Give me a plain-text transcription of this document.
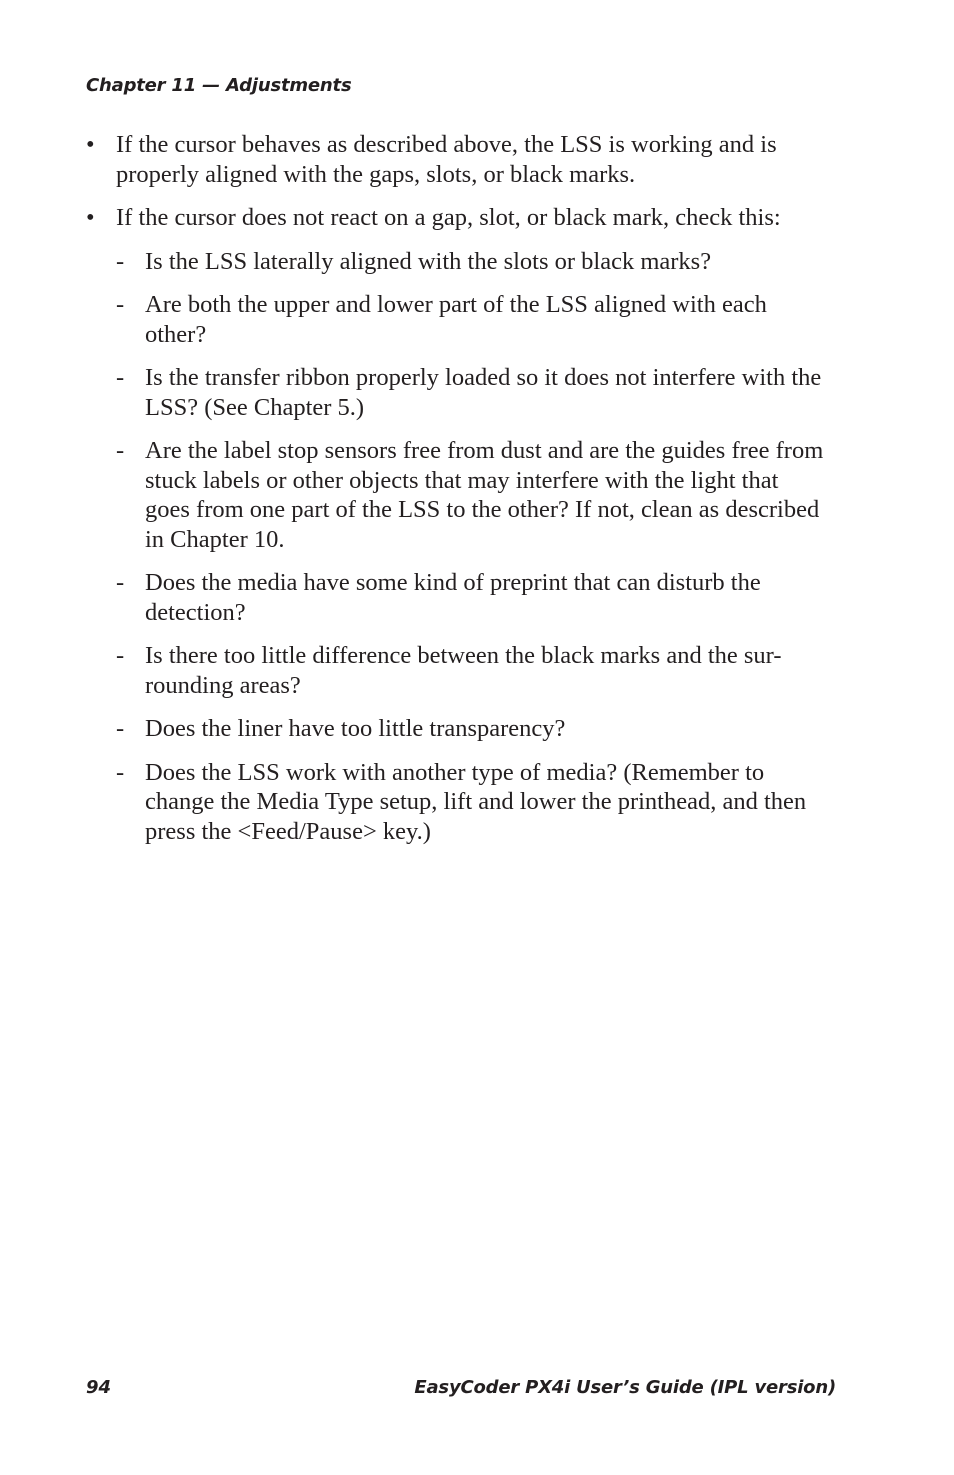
Chapter 11 — Adjustments
• If the cursor behaves as described above, the LSS is working and is properly aligned with the gaps, slots, or black marks.
• If the cursor does not react on a gap, slot, or black mark, check this:
- Is the LSS laterally aligned with the slots or black marks?
- Are both the upper and lower part of the LSS aligned with each other?
- Is the transfer ribbon properly loaded so it does not interfere with the LSS? (See Chapter 5.)
- Are the label stop sensors free from dust and are the guides free from stuck labels or other objects that may interfere with the light that goes from one part of the LSS to the other? If not, clean as described in Chapter 10.
- Does the media have some kind of preprint that can disturb the detection?
- Is there too little difference between the black marks and the sur-rounding areas?
- Does the liner have too little transparency?
- Does the LSS work with another type of media? (Remember to change the Media Type setup, lift and lower the printhead, and then press the <Feed/Pause> key.)
94	EasyCoder PX4i User’s Guide (IPL version)
